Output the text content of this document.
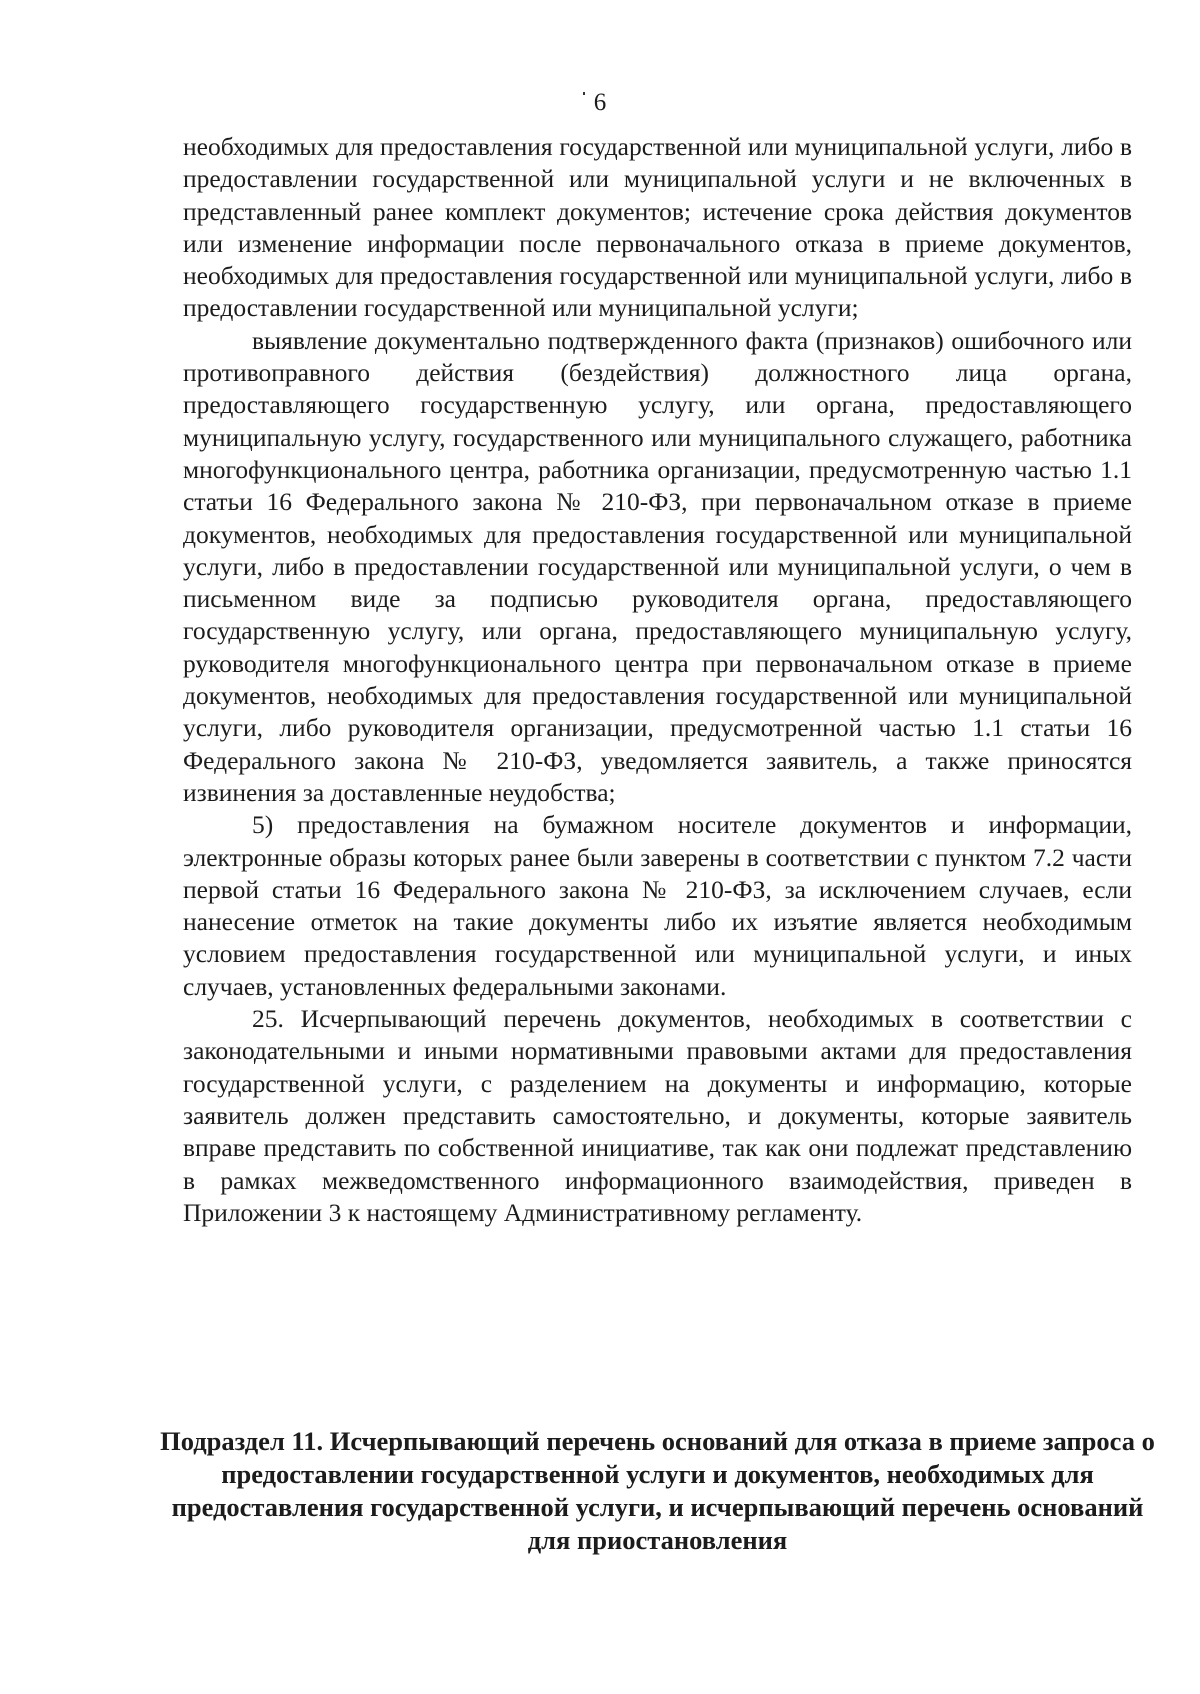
6

необходимых для предоставления государственной или муниципальной услуги, либо в предоставлении государственной или муниципальной услуги и не включенных в представленный ранее комплект документов; истечение срока действия документов или изменение информации после первоначального отказа в приеме документов, необходимых для предоставления государственной или муниципальной услуги, либо в предоставлении государственной или муниципальной услуги;

выявление документально подтвержденного факта (признаков) ошибочного или противоправного действия (бездействия) должностного лица органа, предоставляющего государственную услугу, или органа, предоставляющего муниципальную услугу, государственного или муниципального служащего, работника многофункционального центра, работника организации, предусмотренную частью 1.1 статьи 16 Федерального закона № 210-ФЗ, при первоначальном отказе в приеме документов, необходимых для предоставления государственной или муниципальной услуги, либо в предоставлении государственной или муниципальной услуги, о чем в письменном виде за подписью руководителя органа, предоставляющего государственную услугу, или органа, предоставляющего муниципальную услугу, руководителя многофункционального центра при первоначальном отказе в приеме документов, необходимых для предоставления государственной или муниципальной услуги, либо руководителя организации, предусмотренной частью 1.1 статьи 16 Федерального закона № 210-ФЗ, уведомляется заявитель, а также приносятся извинения за доставленные неудобства;

5) предоставления на бумажном носителе документов и информации, электронные образы которых ранее были заверены в соответствии с пунктом 7.2 части первой статьи 16 Федерального закона № 210-ФЗ, за исключением случаев, если нанесение отметок на такие документы либо их изъятие является необходимым условием предоставления государственной или муниципальной услуги, и иных случаев, установленных федеральными законами.

25. Исчерпывающий перечень документов, необходимых в соответствии с законодательными и иными нормативными правовыми актами для предоставления государственной услуги, с разделением на документы и информацию, которые заявитель должен представить самостоятельно, и документы, которые заявитель вправе представить по собственной инициативе, так как они подлежат представлению в рамках межведомственного информационного взаимодействия, приведен в Приложении 3 к настоящему Административному регламенту.

Подраздел 11. Исчерпывающий перечень оснований для отказа в приеме запроса о предоставлении государственной услуги и документов, необходимых для предоставления государственной услуги, и исчерпывающий перечень оснований для приостановления
